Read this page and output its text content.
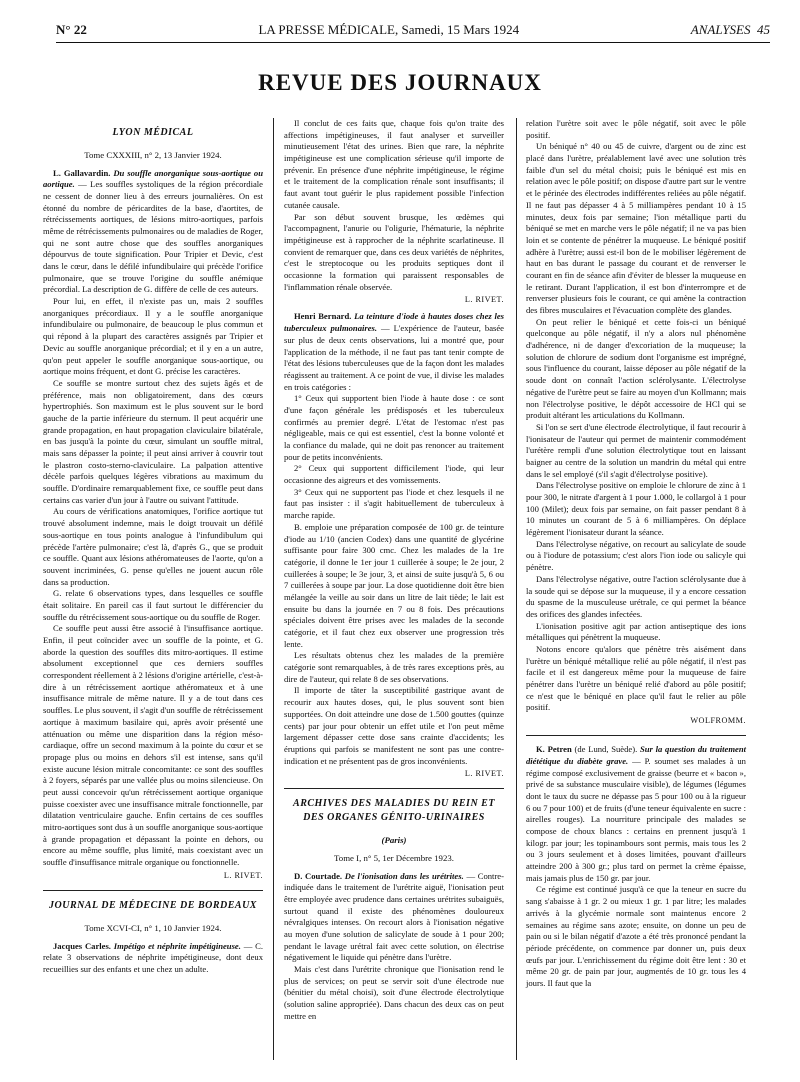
N° 22	LA PRESSE MÉDICALE, Samedi, 15 Mars 1924	ANALYSES 45
REVUE DES JOURNAUX
LYON MÉDICAL
Tome CXXXIII, n° 2, 13 Janvier 1924.

L. Gallavardin. Du souffle anorganique sous-aortique ou aortique. — Les souffles systoliques de la région précordiale ne cessent de donner lieu à des erreurs journalières. On est étonné du nombre de péricardites de la base, d'aortites, de rétrécissements aortiques, de lésions mitro-aortiques, parfois même de rétrécissements pulmonaires ou de maladies de Roger, qui ne sont autre chose que des souffles anorganiques dépourvus de toute signification. Pour Tripier et Devic, c'est dans le cœur, dans le défilé infundibulaire qui précède l'orifice pulmonaire, que se trouve l'origine du souffle anémique précordial. La description de G. diffère de celle de ces auteurs.

Pour lui, en effet, il n'existe pas un, mais 2 souffles anorganiques précordiaux. Il y a le souffle anorganique infundibulaire ou pulmonaire, de beaucoup le plus commun et qui répond à la plupart des caractères assignés par Tripier et Devic au souffle anorganique précordial; et il y en a un autre, qu'on peut appeler le souffle anorganique sous-aortique, ou aortique moins fréquent, et dont G. précise les caractères.

Ce souffle se montre surtout chez des sujets âgés et de préférence, mais non obligatoirement, dans des cœurs hypertrophiés. Son maximum est le plus souvent sur le bord gauche de la partie inférieure du sternum. Il peut acquérir une grande propagation, en haut propagation claviculaire bilatérale, en bas jusqu'à la pointe du cœur, simulant un souffle mitral, mais sans dépasser la pointe; il peut ainsi arriver à couvrir tout le plastron costo-sterno-claviculaire. La palpation attentive décèle parfois quelques légères vibrations au maximum du souffle. D'ordinaire remarquablement fixe, ce souffle peut dans certains cas varier d'un jour à l'autre ou suivant l'attitude.

Au cours de vérifications anatomiques, l'orifice aortique tut trouvé absolument indemne, mais le doigt trouvait un défilé sous-aortique en tous points analogue à l'infundibulum qui précède l'artère pulmonaire; c'est là, d'après G., que se produit ce souffle. Quant aux lésions athéromateuses de l'aorte, qu'on a souvent incriminées, G. pense qu'elles ne jouent aucun rôle dans sa production.

G. relate 6 observations types, dans lesquelles ce souffle était solitaire. En pareil cas il faut surtout le différencier du souffle du rétrécissement sous-aortique ou du souffle de Roger.

Ce souffle peut aussi être associé à l'insuffisance aortique. Enfin, il peut coïncider avec un souffle de la pointe, et G. aborde la question des souffles dits mitro-aortiques. Il estime absolument exceptionnel que ces derniers souffles correspondent réellement à 2 lésions d'origine artérielle, c'est-à-dire à un rétrécissement aortique athéromateux et à une insuffisance mitrale de même nature. Il y a de tout dans ces souffles. Le plus souvent, il s'agit d'un souffle de rétrécissement aortique à maximum basilaire qui, après avoir présenté une atténuation ou même une disparition dans la région méso-cardiaque, offre un second maximum à la pointe du cœur et se propage plus ou moins en dehors s'il est intense, sans qu'il existe aucune lésion mitrale concomitante: ce sont des souffles à 2 foyers, séparés par une vallée plus ou moins silencieuse. On peut aussi concevoir qu'un rétrécissement aortique organique puisse coexister avec une insuffisance mitrale fonctionnelle, par dilatation ventriculaire gauche. Enfin certains de ces souffles mitro-aortiques sont dus à un souffle anorganique sous-aortique à grande propagation et dépassant la pointe en dehors, ou encore au même souffle, plus limité, mais coexistant avec un souffle d'insuffisance mitrale organique ou fonctionnelle.

L. RIVET.
JOURNAL DE MÉDECINE DE BORDEAUX
Tome XCVI-CI, n° 1, 10 Janvier 1924.

Jacques Carles. Impétigo et néphrite impétigineuse. — C. relate 3 observations de néphrite impétigineuse, dont deux recueillies sur des enfants et une chez un adulte.

Il conclut de ces faits que, chaque fois qu'on traite des affections impétigineuses, il faut analyser et surveiller minutieusement l'état des urines. Bien que rare, la néphrite impétigineuse est une complication sérieuse qu'il importe de prévenir. En présence d'une néphrite impétigineuse, le régime et le traitement de la complication rénale sont insuffisants; il faut avant tout guérir le plus rapidement possible l'infection cutanée causale.

Par son début souvent brusque, les œdèmes qui l'accompagnent, l'anurie ou l'oligurie, l'hématurie, la néphrite impétigineuse est à rapprocher de la néphrite scarlatineuse. Il convient de remarquer que, dans ces deux variétés de néphrites, c'est le streptocoque ou les produits septiques dont il occasionne la formation qui paraissent responsables de l'inflammation rénale observée.

L. RIVET.

Henri Bernard. La teinture d'iode à hautes doses chez les tuberculeux pulmonaires. — L'expérience de l'auteur, basée sur plus de deux cents observations, lui a montré que, pour l'application de la méthode, il ne faut pas tant tenir compte de l'état des lésions tuberculeuses que de la façon dont les malades réagissent au traitement. A ce point de vue, il divise les malades en trois catégories :

1° Ceux qui supportent bien l'iode à haute dose : ce sont d'une façon générale les prédisposés et les tuberculeux confirmés au premier degré. L'état de l'estomac n'est pas négligeable, mais ce qui est essentiel, c'est la bonne volonté et la confiance du malade, qui ne doit pas renoncer au traitement pour de petits inconvénients.

2° Ceux qui supportent difficilement l'iode, qui leur occasionne des aigreurs et des vomissements.

3° Ceux qui ne supportent pas l'iode et chez lesquels il ne faut pas insister : il s'agit habituellement de tuberculeux à marche rapide.

B. emploie une préparation composée de 100 gr. de teinture d'iode au 1/10 (ancien Codex) dans une quantité de glycérine suffisante pour faire 300 cmc. Chez les malades de la 1re catégorie, il donne le 1er jour 1 cuillerée à soupe; le 2e jour, 2 cuillerées à soupe; le 3e jour, 3, et ainsi de suite jusqu'à 5, 6 ou 7 cuillerées à soupe par jour. La dose quotidienne doit être bien mélangée la veille au soir dans un litre de lait tiède; le lait est ensuite bu dans la journée en 7 ou 8 fois. Des précautions spéciales doivent être prises avec les malades de la seconde catégorie, et il faut chez eux observer une progression très lente.

Les résultats obtenus chez les malades de la première catégorie sont remarquables, à de très rares exceptions près, au dire de l'auteur, qui relate 8 de ses observations.

Il importe de tâter la susceptibilité gastrique avant de recourir aux hautes doses, qui, le plus souvent sont bien supportées. On doit atteindre une dose de 1.500 gouttes (quinze cents) par jour pour obtenir un effet utile et l'on peut même largement dépasser cette dose sans crainte d'accidents; les éruptions qui parfois se manifestent ne sont pas une contre-indication et ne présentent pas de gros inconvénients.

L. RIVET.
ARCHIVES DES MALADIES DU REIN ET DES ORGANES GÉNITO-URINAIRES
(Paris)
Tome I, n° 5, 1er Décembre 1923.

D. Courtade. De l'ionisation dans les urétrites. — Contre-indiquée dans le traitement de l'urétrite aiguë, l'ionisation peut être employée avec prudence dans certaines urétrites subaiguës, surtout quand il existe des phénomènes douloureux névralgiques intenses. On recourt alors à l'ionisation négative au moyen d'une solution de salicylate de soude à 1 pour 200; pendant le lavage urétral fait avec cette solution, on électrise négativement le liquide qui pénètre dans l'urètre.

Mais c'est dans l'urétrite chronique que l'ionisation rend le plus de services; on peut se servir soit d'une électrode nue (bénitier du métal choisi), soit d'une électrode électrolytique (solution saline appropriée). Dans chacun des deux cas on peut mettre en

relation l'urètre soit avec le pôle négatif, soit avec le pôle positif.

Un béniqué n° 40 ou 45 de cuivre, d'argent ou de zinc est placé dans l'urètre, préalablement lavé avec une solution très faible d'un sel du métal choisi; puis le béniqué est mis en relation avec le pôle positif; on dispose d'autre part sur le ventre et le périnée des électrodes indifférentes reliées au pôle négatif. Il ne faut pas dépasser 4 à 5 milliampères pendant 10 à 15 minutes, deux fois par semaine; l'ion métallique parti du béniqué se met en marche vers le pôle négatif; il ne va pas bien loin et se contente de pénétrer la muqueuse. Le béniqué positif adhère à l'urètre; aussi est-il bon de le mobiliser légèrement de haut en bas durant le passage du courant et de renverser le courant en fin de séance afin d'éviter de blesser la muqueuse en le retirant. Durant l'application, il est bon d'interrompre et de renverser plusieurs fois le courant, ce qui amène la contraction des fibres musculaires et l'évacuation complète des glandes.

On peut relier le béniqué et cette fois-ci un béniqué quelconque au pôle négatif, il n'y a alors nul phénomène d'adhérence, ni de danger d'excoriation de la muqueuse; la solution de chlorure de sodium dont l'organisme est imprégné, sous l'influence du courant, laisse déposer au pôle négatif de la soude dont on connaît l'action sclérolysante. L'électrolyse négative de l'urètre peut se faire au moyen d'un Kollmann; mais non l'électrolyse positive, le dépôt accessoire de HCl qui se produit altérant les articulations du Kollmann.

Si l'on se sert d'une électrode électrolytique, il faut recourir à l'ionisateur de l'auteur qui permet de maintenir commodément l'urétère rempli d'une solution électrolytique tout en laissant baigner au centre de la solution un mandrin du métal qui entre dans le sel employé (s'il s'agit d'électrolyse positive).

Dans l'électrolyse positive on emploie le chlorure de zinc à 1 pour 300, le nitrate d'argent à 1 pour 1.000, le collargol à 1 pour 100 (Milet); deux fois par semaine, on fait passer pendant 8 à 10 minutes un courant de 5 à 6 milliampères. On déplace légèrement l'ionisateur durant la séance.

Dans l'électrolyse négative, on recourt au salicylate de soude ou à l'iodure de potassium; c'est alors l'ion iode ou salicyle qui pénètre.

Dans l'électrolyse négative, outre l'action sclérolysante due à la soude qui se dépose sur la muqueuse, il y a encore cessation du spasme de la musculeuse urétrale, ce qui permet la béance des orifices des glandes infectées.

L'ionisation positive agit par action antiseptique des ions métalliques qui pénètrent la muqueuse.

Notons encore qu'alors que pénètre très aisément dans l'urètre un béniqué métallique relié au pôle négatif, il n'est pas facile et il est dangereux même pour la muqueuse de faire pénétrer dans l'urètre un béniqué relié d'abord au pôle positif; ce n'est que le béniqué en place qu'il faut le relier au pôle positif.

WOLFROMM.

K. Petren (de Lund, Suède). Sur la question du traitement diététique du diabète grave. — P. soumet ses malades à un régime composé exclusivement de graisse (beurre et « bacon », privé de sa substance musculaire visible), de légumes (légumes dont le taux du sucre ne dépasse pas 5 pour 100 ou à la rigueur 6 ou 7 pour 100) et de fruits (d'une teneur équivalente en sucre : airelles rouges). La nourriture principale des malades se compose de choux blancs : certains en prennent jusqu'à 1 kilogr. par jour; les topinambours sont permis, mais tous les 2 ou 3 jours seulement et à doses limitées, pouvant d'ailleurs atteindre 200 à 300 gr.; plus tard on permet la crème épaisse, mais jamais plus de 150 gr. par jour.

Ce régime est continué jusqu'à ce que la teneur en sucre du sang s'abaisse à 1 gr. 2 ou mieux 1 gr. 1 par litre; les malades arrivés à la glycémie normale sont maintenus encore 2 semaines au régime sans azote; ensuite, on donne un peu de pain ou si le bilan négatif d'azote a été très prononcé pendant la période précédente, on commence par donner un, puis deux œufs par jour. L'enrichissement du régime doit être lent : 30 et même 20 gr. de pain par jour, augmentés de 10 gr. tous les 4 jours. Il faut que la
